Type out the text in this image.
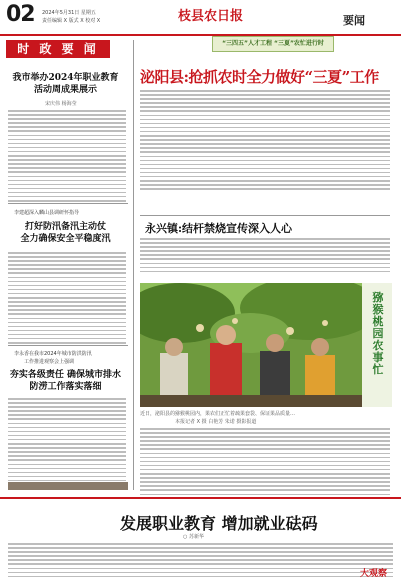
02 2024年5月31日 星期五
责任编辑 X 版式 X 校对 X	枝县农日报	要闻
时 政 要 闻	“三四五”人才工程 “三夏”农忙进行时
我市举办2024年职业教育
活动周成果展示
宋庆伟 杨海莹
李建超深入麟山县调研怀指导
打好防汛备汛主动仗
全力确保安全平稳度汛
李永香在我市2024年城市防洪防汛
工作推进观察会上强调
夯实各级责任 确保城市排水
防涝工作落实落细
泌阳县:抢抓农时全力做好“三夏”工作
永兴镇:结杆禁烧宣传深入人心
猕猴桃园农事忙
近日，泌阳县的猕猴桃园内，果农们正忙着疏果套袋、保证果品质量…
本报记者 X 摄 白艳芳 朱诺 摄影报道
发展职业教育 增加就业砝码
○ 苏新华
大观察
